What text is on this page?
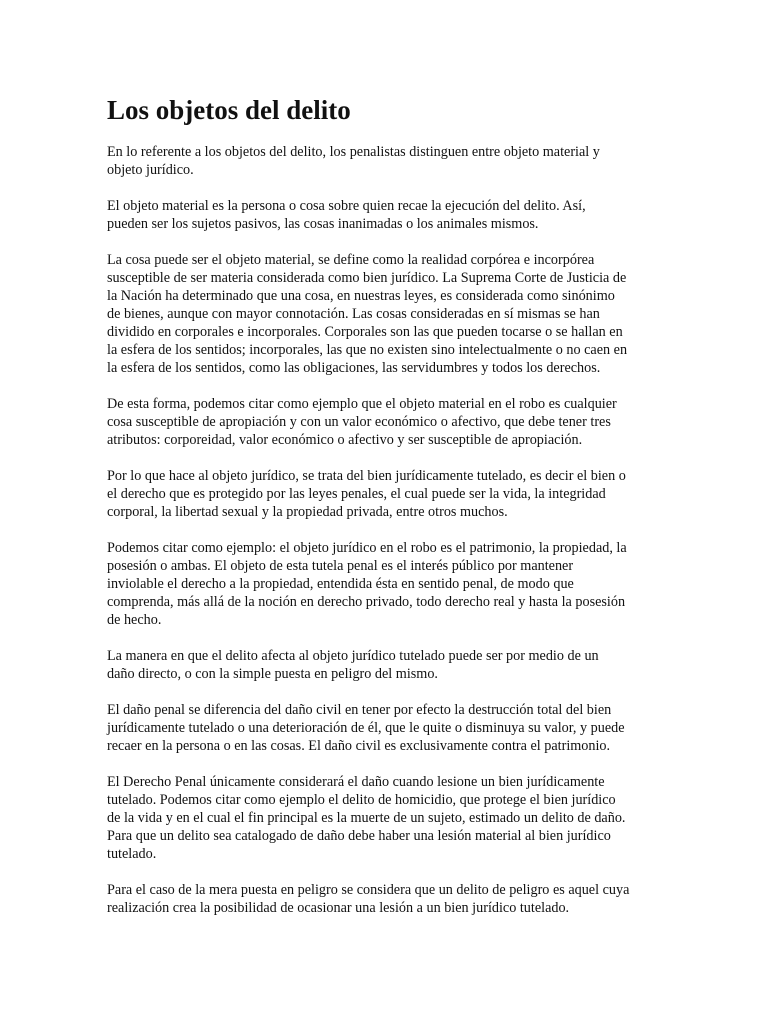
Los objetos del delito

En lo referente a los objetos del delito, los penalistas distinguen entre objeto material y
objeto jurídico.

El objeto material es la persona o cosa sobre quien recae la ejecución del delito. Así,
pueden ser los sujetos pasivos, las cosas inanimadas o los animales mismos.

La cosa puede ser el objeto material, se define como la realidad corpórea e incorpórea
susceptible de ser materia considerada como bien jurídico. La Suprema Corte de Justicia de
la Nación ha determinado que una cosa, en nuestras leyes, es considerada como sinónimo
de bienes, aunque con mayor connotación. Las cosas consideradas en sí mismas se han
dividido en corporales e incorporales. Corporales son las que pueden tocarse o se hallan en
la esfera de los sentidos; incorporales, las que no existen sino intelectualmente o no caen en
la esfera de los sentidos, como las obligaciones, las servidumbres y todos los derechos.

De esta forma, podemos citar como ejemplo que el objeto material en el robo es cualquier
cosa susceptible de apropiación y con un valor económico o afectivo, que debe tener tres
atributos: corporeidad, valor económico o afectivo y ser susceptible de apropiación.

Por lo que hace al objeto jurídico, se trata del bien jurídicamente tutelado, es decir el bien o
el derecho que es protegido por las leyes penales, el cual puede ser la vida, la integridad
corporal, la libertad sexual y la propiedad privada, entre otros muchos.

Podemos citar como ejemplo: el objeto jurídico en el robo es el patrimonio, la propiedad, la
posesión o ambas. El objeto de esta tutela penal es el interés público por mantener
inviolable el derecho a la propiedad, entendida ésta en sentido penal, de modo que
comprenda, más allá de la noción en derecho privado, todo derecho real y hasta la posesión
de hecho.

La manera en que el delito afecta al objeto jurídico tutelado puede ser por medio de un
daño directo, o con la simple puesta en peligro del mismo.

El daño penal se diferencia del daño civil en tener por efecto la destrucción total del bien
jurídicamente tutelado o una deterioración de él, que le quite o disminuya su valor, y puede
recaer en la persona o en las cosas. El daño civil es exclusivamente contra el patrimonio.

El Derecho Penal únicamente considerará el daño cuando lesione un bien jurídicamente
tutelado. Podemos citar como ejemplo el delito de homicidio, que protege el bien jurídico
de la vida y en el cual el fin principal es la muerte de un sujeto, estimado un delito de daño.
Para que un delito sea catalogado de daño debe haber una lesión material al bien jurídico
tutelado.

Para el caso de la mera puesta en peligro se considera que un delito de peligro es aquel cuya
realización crea la posibilidad de ocasionar una lesión a un bien jurídico tutelado.
